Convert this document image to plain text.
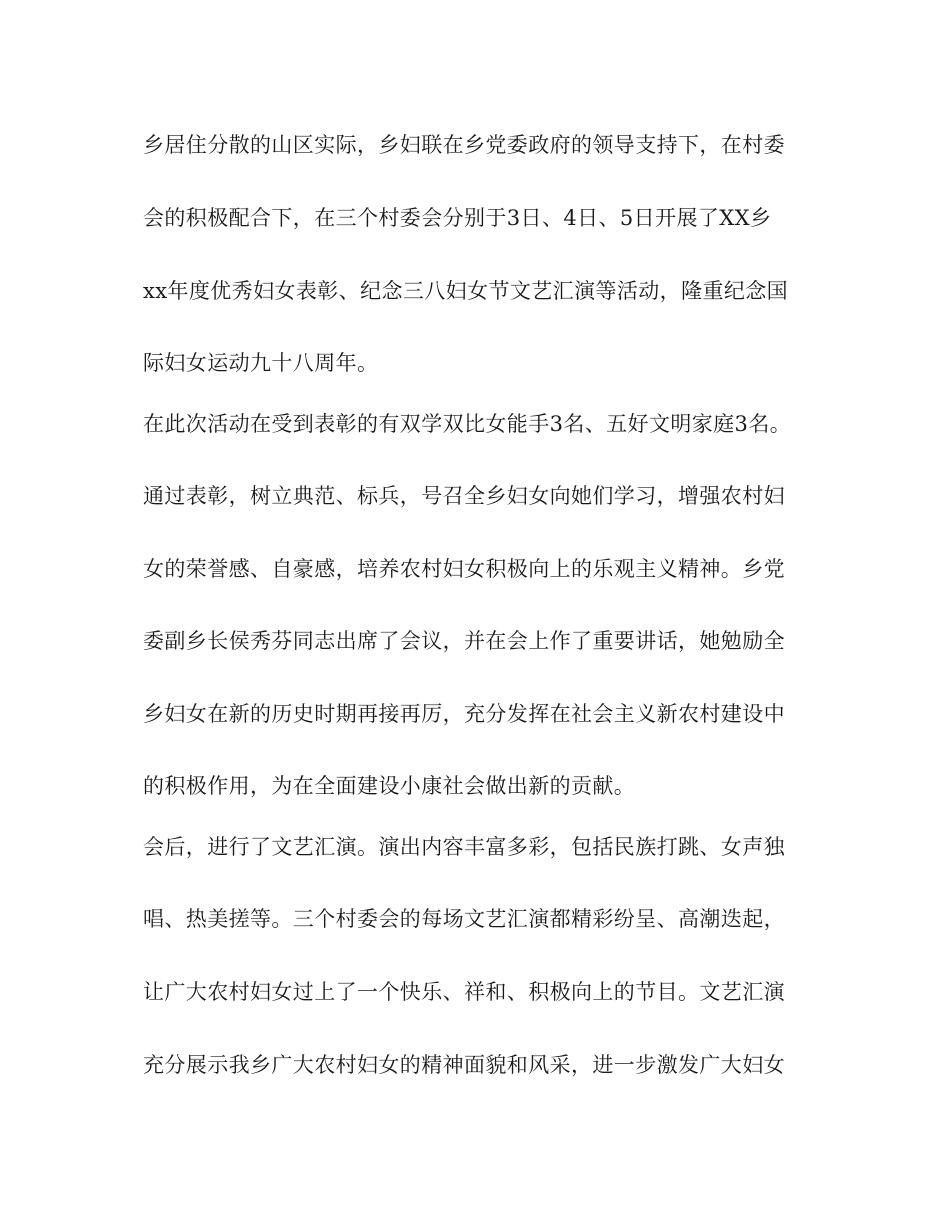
乡居住分散的山区实际，乡妇联在乡党委政府的领导支持下，在村委
会的积极配合下，在三个村委会分别于3日、4日、5日开展了XX乡
xx年度优秀妇女表彰、纪念三八妇女节文艺汇演等活动，隆重纪念国
际妇女运动九十八周年。
在此次活动在受到表彰的有双学双比女能手3名、五好文明家庭3名。
通过表彰，树立典范、标兵，号召全乡妇女向她们学习，增强农村妇
女的荣誉感、自豪感，培养农村妇女积极向上的乐观主义精神。乡党
委副乡长侯秀芬同志出席了会议，并在会上作了重要讲话，她勉励全
乡妇女在新的历史时期再接再厉，充分发挥在社会主义新农村建设中
的积极作用，为在全面建设小康社会做出新的贡献。
会后，进行了文艺汇演。演出内容丰富多彩，包括民族打跳、女声独
唱、热美搓等。三个村委会的每场文艺汇演都精彩纷呈、高潮迭起，
让广大农村妇女过上了一个快乐、祥和、积极向上的节目。文艺汇演
充分展示我乡广大农村妇女的精神面貌和风采，进一步激发广大妇女
